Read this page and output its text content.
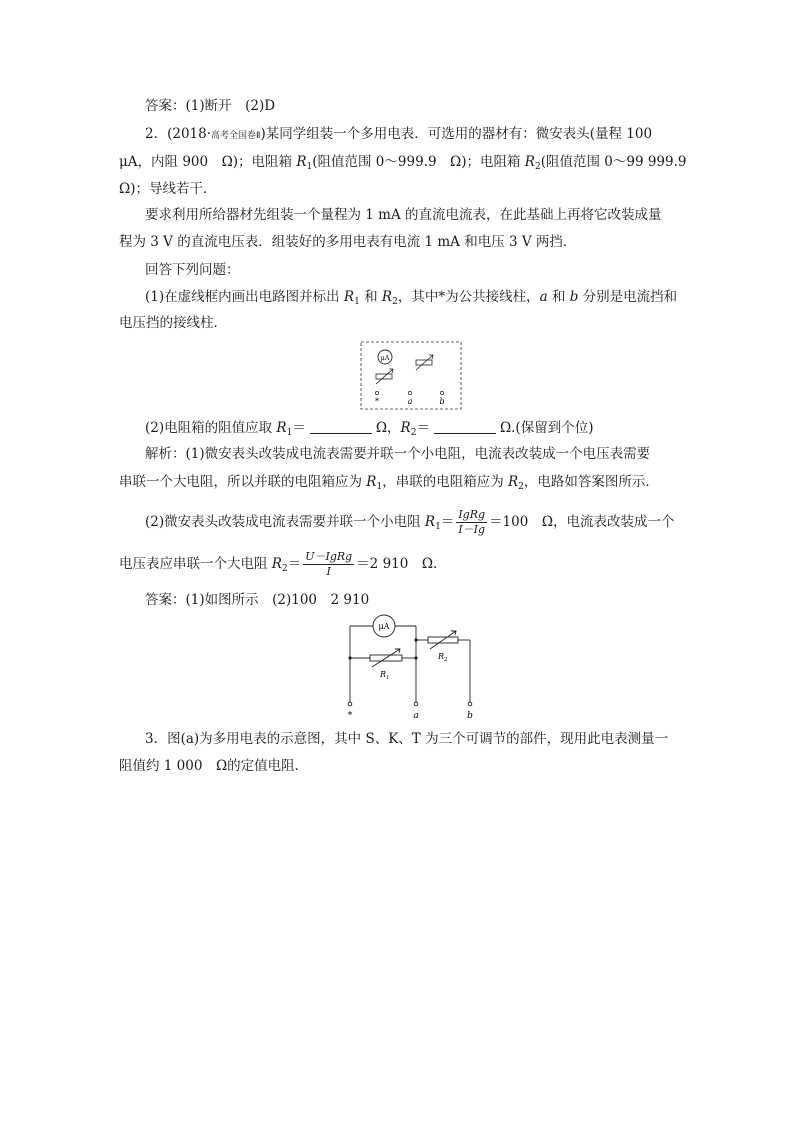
答案：(1)断开　(2)D
2．(2018·高考全国卷Ⅱ)某同学组装一个多用电表．可选用的器材有：微安表头(量程 100
μA，内阻 900　Ω)；电阻箱 $R_1$(阻值范围 0～999.9　Ω)；电阻箱 $R_2$(阻值范围 0～99 999.9
Ω)；导线若干．
要求利用所给器材先组装一个量程为 1 mA 的直流电流表，在此基础上再将它改装成量
程为 3 V 的直流电压表．组装好的多用电表有电流 1 mA 和电压 3 V 两挡．
回答下列问题：
(1)在虚线框内画出电路图并标出 $R_1$ 和 $R_2$，其中*为公共接线柱，a 和 b 分别是电流挡和
电压挡的接线柱．
μA
*	a	b
(2)电阻箱的阻值应取 $R_1=$	Ω，$R_2=$	Ω.(保留到个位)
解析：(1)微安表头改装成电流表需要并联一个小电阻，电流表改装成一个电压表需要
串联一个大电阻，所以并联的电阻箱应为 $R_1$，串联的电阻箱应为 $R_2$，电路如答案图所示．
(2)微安表头改装成电流表需要并联一个小电阻 $R_1= \frac{\text{IgRg}}{I-Ig} =100$　Ω，电流表改装成一个
电压表应串联一个大电阻 $R_2= \frac{\text{U－IgRg}}{I} =2$ 910　Ω.
答案：(1)如图所示　(2)100　2 910
μA
$R_1$
$R_2$
*	a	b
3．图(a)为多用电表的示意图，其中 S、K、T 为三个可调节的部件，现用此电表测量一
阻值约 1 000　Ω的定值电阻．
